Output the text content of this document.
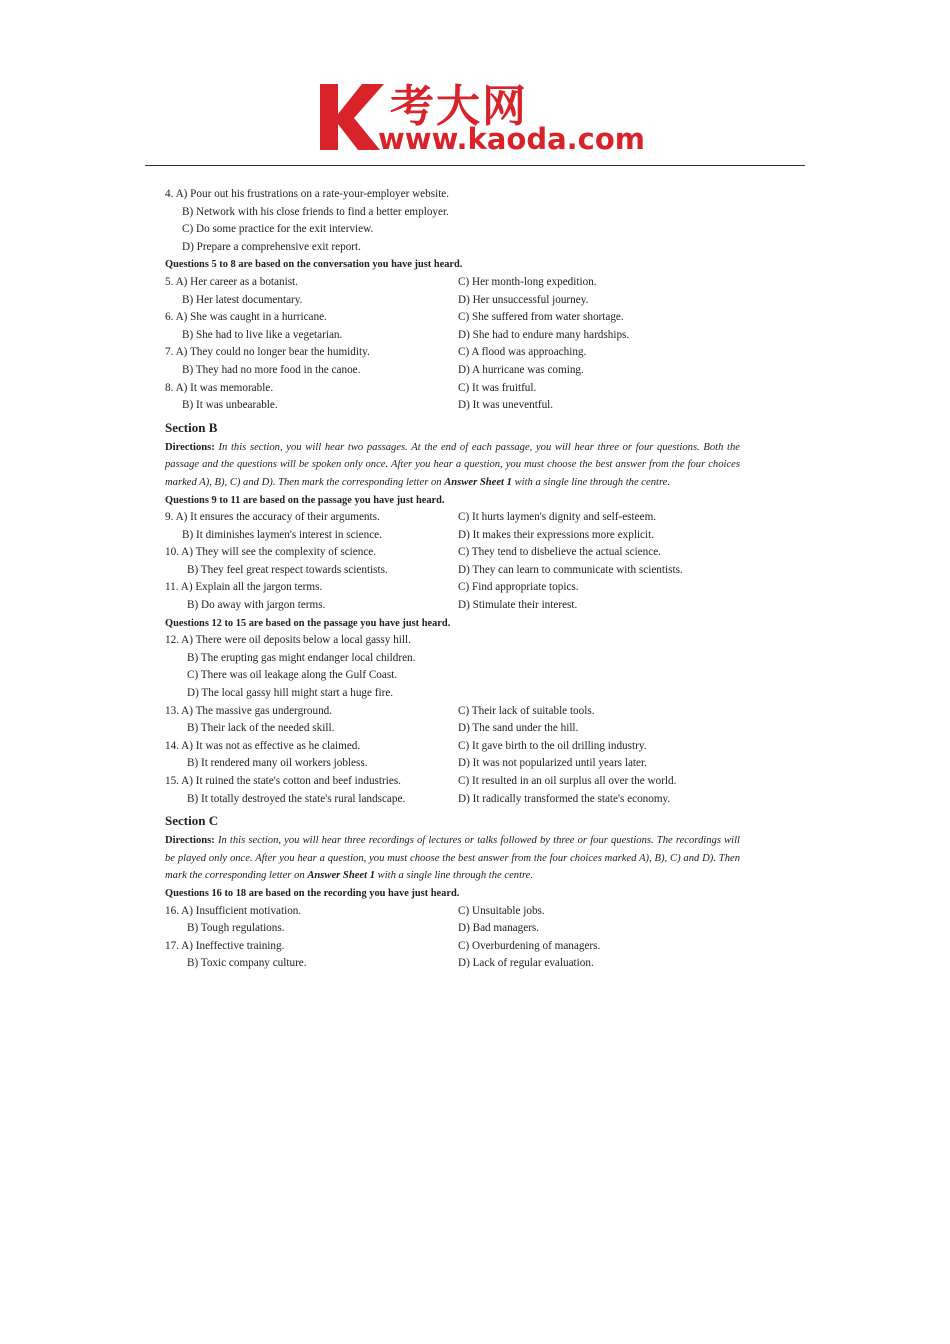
考大网
www.kaoda.com
4. A) Pour out his frustrations on a rate-your-employer website.
B) Network with his close friends to find a better employer.
C) Do some practice for the exit interview.
D) Prepare a comprehensive exit report.
Questions 5 to 8 are based on the conversation you have just heard.
5. A) Her career as a botanist.	C) Her month-long expedition.
B) Her latest documentary.	D) Her unsuccessful journey.
6. A) She was caught in a hurricane.	C) She suffered from water shortage.
B) She had to live like a vegetarian.	D) She had to endure many hardships.
7. A) They could no longer bear the humidity.	C) A flood was approaching.
B) They had no more food in the canoe.	D) A hurricane was coming.
8. A) It was memorable.	C) It was fruitful.
B) It was unbearable.	D) It was uneventful.
Section B

Directions: In this section, you will hear two passages. At the end of each passage, you will hear three or four questions. Both the passage and the questions will be spoken only once. After you hear a question, you must choose the best answer from the four choices marked A), B), C) and D). Then mark the corresponding letter on Answer Sheet 1 with a single line through the centre.

Questions 9 to 11 are based on the passage you have just heard.
9. A) It ensures the accuracy of their arguments.	C) It hurts laymen's dignity and self-esteem.
B) It diminishes laymen's interest in science.	D) It makes their expressions more explicit.
10. A) They will see the complexity of science.	C) They tend to disbelieve the actual science.
B) They feel great respect towards scientists.	D) They can learn to communicate with scientists.
11. A) Explain all the jargon terms.	C) Find appropriate topics.
B) Do away with jargon terms.	D) Stimulate their interest.
Questions 12 to 15 are based on the passage you have just heard.
12. A) There were oil deposits below a local gassy hill.
B) The erupting gas might endanger local children.
C) There was oil leakage along the Gulf Coast.
D) The local gassy hill might start a huge fire.
13. A) The massive gas underground.	C) Their lack of suitable tools.
B) Their lack of the needed skill.	D) The sand under the hill.
14. A) It was not as effective as he claimed.	C) It gave birth to the oil drilling industry.
B) It rendered many oil workers jobless.	D) It was not popularized until years later.
15. A) It ruined the state's cotton and beef industries.	C) It resulted in an oil surplus all over the world.
B) It totally destroyed the state's rural landscape.	D) It radically transformed the state's economy.
Section C

Directions: In this section, you will hear three recordings of lectures or talks followed by three or four questions. The recordings will be played only once. After you hear a question, you must choose the best answer from the four choices marked A), B), C) and D). Then mark the corresponding letter on Answer Sheet 1 with a single line through the centre.

Questions 16 to 18 are based on the recording you have just heard.
16. A) Insufficient motivation.	C) Unsuitable jobs.
B) Tough regulations.	D) Bad managers.
17. A) Ineffective training.	C) Overburdening of managers.
B) Toxic company culture.	D) Lack of regular evaluation.
